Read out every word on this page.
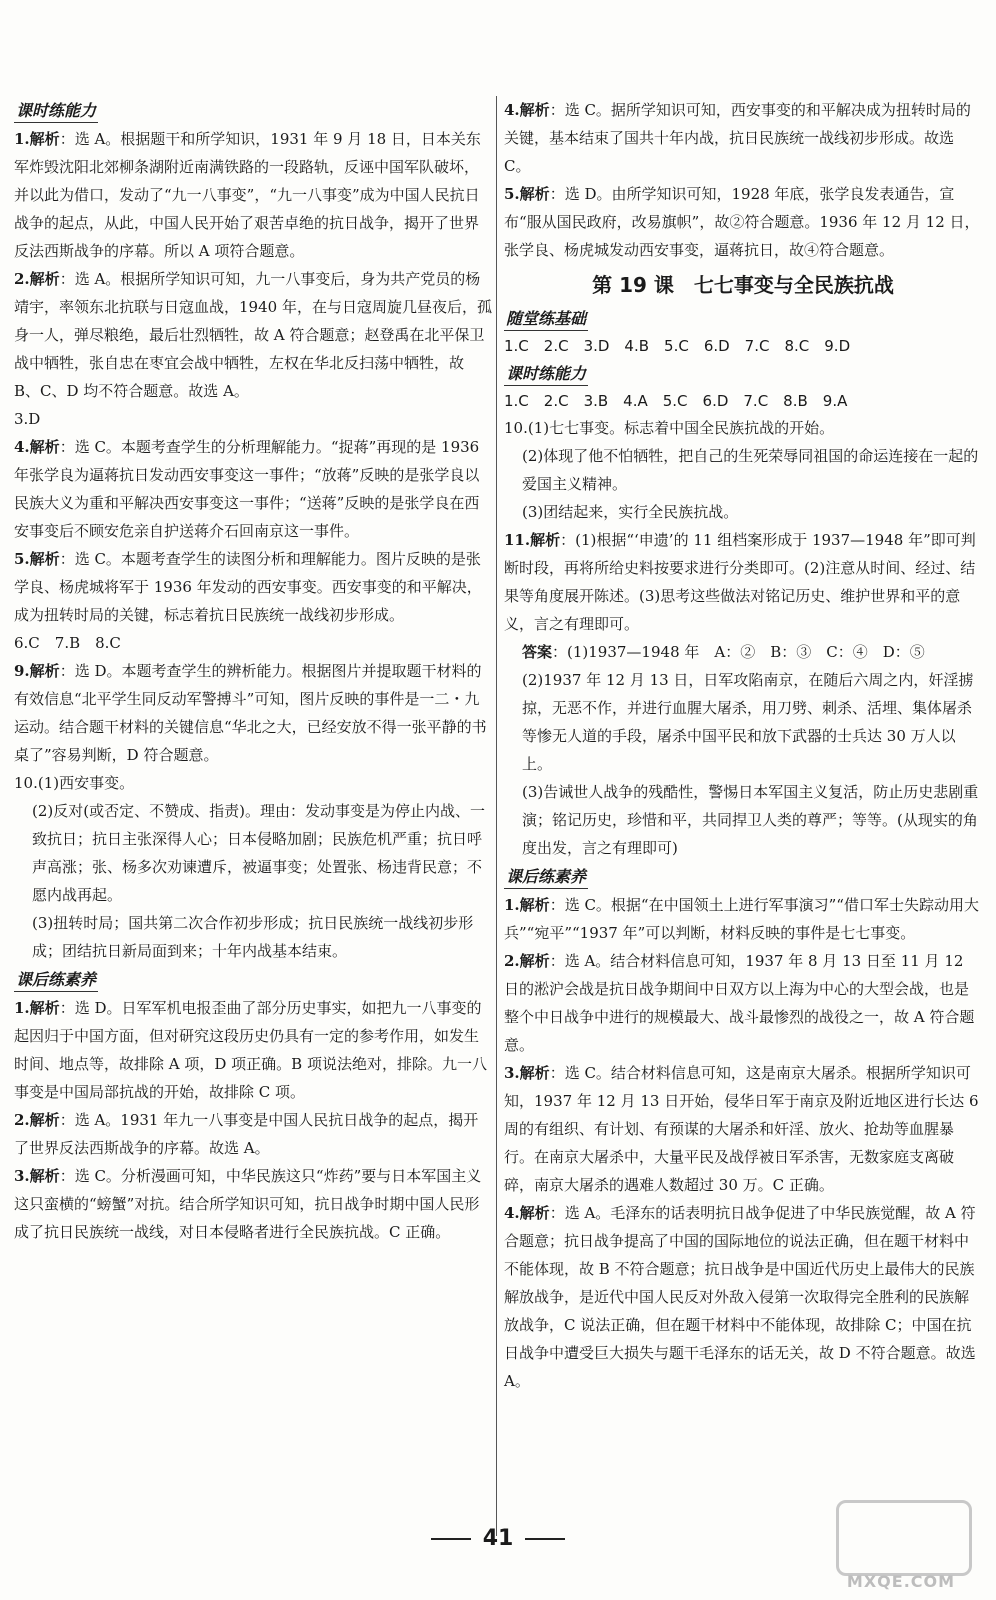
课时练能力

1.解析：选 A。根据题干和所学知识，1931 年 9 月 18 日，日本关东军炸毁沈阳北郊柳条湖附近南满铁路的一段路轨，反诬中国军队破坏，并以此为借口，发动了“九一八事变”，“九一八事变”成为中国人民抗日战争的起点，从此，中国人民开始了艰苦卓绝的抗日战争，揭开了世界反法西斯战争的序幕。所以 A 项符合题意。

2.解析：选 A。根据所学知识可知，九一八事变后，身为共产党员的杨靖宇，率领东北抗联与日寇血战，1940 年，在与日寇周旋几昼夜后，孤身一人，弹尽粮绝，最后壮烈牺牲，故 A 符合题意；赵登禹在北平保卫战中牺牲，张自忠在枣宜会战中牺牲，左权在华北反扫荡中牺牲，故 B、C、D 均不符合题意。故选 A。

3.D

4.解析：选 C。本题考查学生的分析理解能力。“捉蒋”再现的是 1936 年张学良为逼蒋抗日发动西安事变这一事件；“放蒋”反映的是张学良以民族大义为重和平解决西安事变这一事件；“送蒋”反映的是张学良在西安事变后不顾安危亲自护送蒋介石回南京这一事件。

5.解析：选 C。本题考查学生的读图分析和理解能力。图片反映的是张学良、杨虎城将军于 1936 年发动的西安事变。西安事变的和平解决，成为扭转时局的关键，标志着抗日民族统一战线初步形成。

6.C　7.B　8.C

9.解析：选 D。本题考查学生的辨析能力。根据图片并提取题干材料的有效信息“北平学生同反动军警搏斗”可知，图片反映的事件是一二・九运动。结合题干材料的关键信息“华北之大，已经安放不得一张平静的书桌了”容易判断，D 符合题意。

10.(1)西安事变。

(2)反对(或否定、不赞成、指责)。理由：发动事变是为停止内战、一致抗日；抗日主张深得人心；日本侵略加剧；民族危机严重；抗日呼声高涨；张、杨多次劝谏遭斥，被逼事变；处置张、杨违背民意；不愿内战再起。

(3)扭转时局；国共第二次合作初步形成；抗日民族统一战线初步形成；团结抗日新局面到来；十年内战基本结束。

课后练素养

1.解析：选 D。日军军机电报歪曲了部分历史事实，如把九一八事变的起因归于中国方面，但对研究这段历史仍具有一定的参考作用，如发生时间、地点等，故排除 A 项，D 项正确。B 项说法绝对，排除。九一八事变是中国局部抗战的开始，故排除 C 项。

2.解析：选 A。1931 年九一八事变是中国人民抗日战争的起点，揭开了世界反法西斯战争的序幕。故选 A。

3.解析：选 C。分析漫画可知，中华民族这只“炸药”要与日本军国主义这只蛮横的“螃蟹”对抗。结合所学知识可知，抗日战争时期中国人民形成了抗日民族统一战线，对日本侵略者进行全民族抗战。C 正确。

4.解析：选 C。据所学知识可知，西安事变的和平解决成为扭转时局的关键，基本结束了国共十年内战，抗日民族统一战线初步形成。故选 C。

5.解析：选 D。由所学知识可知，1928 年底，张学良发表通告，宣布“服从国民政府，改易旗帜”，故②符合题意。1936 年 12 月 12 日，张学良、杨虎城发动西安事变，逼蒋抗日，故④符合题意。

第 19 课　七七事变与全民族抗战
随堂练基础

1.C　2.C　3.D　4.B　5.C　6.D　7.C　8.C　9.D

课时练能力

1.C　2.C　3.B　4.A　5.C　6.D　7.C　8.B　9.A

10.(1)七七事变。标志着中国全民族抗战的开始。

(2)体现了他不怕牺牲，把自己的生死荣辱同祖国的命运连接在一起的爱国主义精神。

(3)团结起来，实行全民族抗战。

11.解析：(1)根据“‘申遗’的 11 组档案形成于 1937—1948 年”即可判断时段，再将所给史料按要求进行分类即可。(2)注意从时间、经过、结果等角度展开陈述。(3)思考这些做法对铭记历史、维护世界和平的意义，言之有理即可。

答案：(1)1937—1948 年　A：②　B：③　C：④　D：⑤

(2)1937 年 12 月 13 日，日军攻陷南京，在随后六周之内，奸淫掳掠，无恶不作，并进行血腥大屠杀，用刀劈、刺杀、活埋、集体屠杀等惨无人道的手段，屠杀中国平民和放下武器的士兵达 30 万人以上。

(3)告诫世人战争的残酷性，警惕日本军国主义复活，防止历史悲剧重演；铭记历史，珍惜和平，共同捍卫人类的尊严；等等。(从现实的角度出发，言之有理即可)

课后练素养

1.解析：选 C。根据“在中国领土上进行军事演习”“借口军士失踪动用大兵”“宛平”“1937 年”可以判断，材料反映的事件是七七事变。

2.解析：选 A。结合材料信息可知，1937 年 8 月 13 日至 11 月 12 日的淞沪会战是抗日战争期间中日双方以上海为中心的大型会战，也是整个中日战争中进行的规模最大、战斗最惨烈的战役之一，故 A 符合题意。

3.解析：选 C。结合材料信息可知，这是南京大屠杀。根据所学知识可知，1937 年 12 月 13 日开始，侵华日军于南京及附近地区进行长达 6 周的有组织、有计划、有预谋的大屠杀和奸淫、放火、抢劫等血腥暴行。在南京大屠杀中，大量平民及战俘被日军杀害，无数家庭支离破碎，南京大屠杀的遇难人数超过 30 万。C 正确。

4.解析：选 A。毛泽东的话表明抗日战争促进了中华民族觉醒，故 A 符合题意；抗日战争提高了中国的国际地位的说法正确，但在题干材料中不能体现，故 B 不符合题意；抗日战争是中国近代历史上最伟大的民族解放战争，是近代中国人民反对外敌入侵第一次取得完全胜利的民族解放战争，C 说法正确，但在题干材料中不能体现，故排除 C；中国在抗日战争中遭受巨大损失与题干毛泽东的话无关，故 D 不符合题意。故选 A。

41
MXQE.COM
